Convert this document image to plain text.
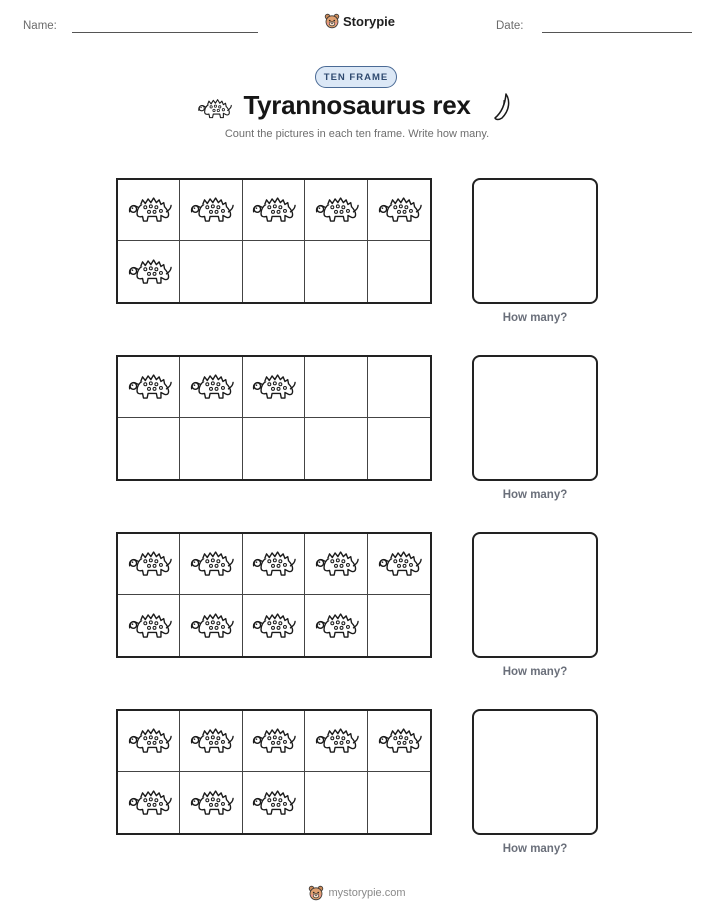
Name:	Storypie	Date:
TEN FRAME
Tyrannosaurus rex
Count the pictures in each ten frame. Write how many.
How many?
How many?
How many?
How many?
mystorypie.com
